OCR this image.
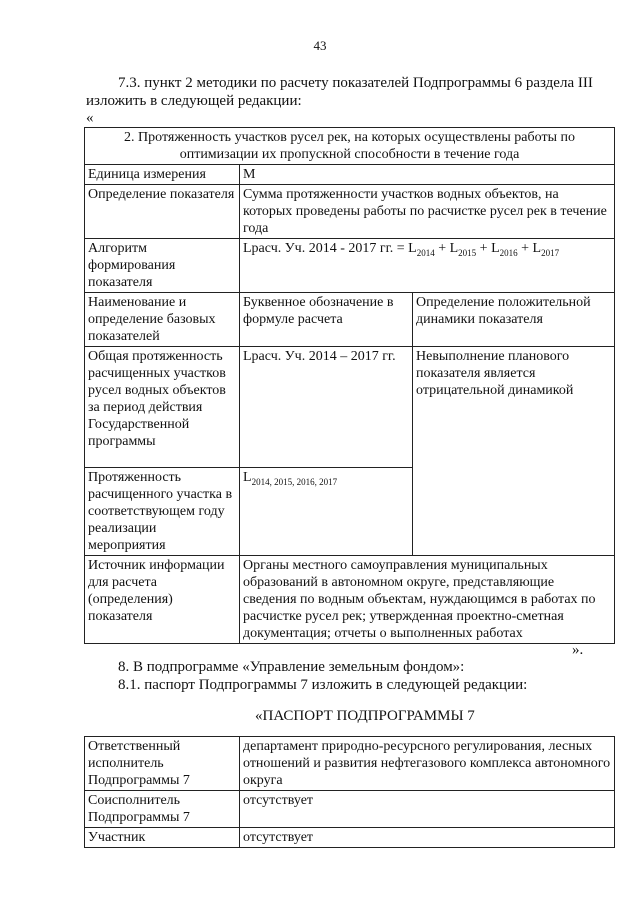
43
7.3. пункт 2 методики по расчету показателей Подпрограммы 6 раздела III
изложить в следующей редакции:
«
2. Протяженность участков русел рек, на которых осуществлены работы по оптимизации их пропускной способности в течение года		
Единица измерения	М	
Определение показателя	Сумма протяженности участков водных объектов, на которых проведены работы по расчистке русел рек в течение года	
Алгоритм формирования показателя	Lрасч. Уч. 2014 - 2017 гг. = $L_{2014} + L_{2015} + L_{2016} + L_{2017}$
Наименование и определение базовых показателей	Буквенное обозначение в формуле расчета	Определение положительной динамики показателя
Общая протяженность расчищенных участков русел водных объектов за период действия Государственной программы	Lрасч. Уч. 2014 – 2017 гг.	Невыполнение планового показателя является отрицательной динамикой
Протяженность расчищенного участка в соответствующем году реализации мероприятия	$L_{2014, 2015, 2016, 2017}$
Источник информации для расчета (определения) показателя	Органы местного самоуправления муниципальных образований в автономном округе, представляющие сведения по водным объектам, нуждающимся в работах по расчистке русел рек; утвержденная проектно-сметная документация; отчеты о выполненных работах	
».
8. В подпрограмме «Управление земельным фондом»:
8.1. паспорт Подпрограммы 7 изложить в следующей редакции:
«ПАСПОРТ ПОДПРОГРАММЫ 7
Ответственный исполнитель Подпрограммы 7	департамент природно-ресурсного регулирования, лесных отношений и развития нефтегазового комплекса автономного округа
Соисполнитель Подпрограммы 7	отсутствует
Участник	отсутствует
